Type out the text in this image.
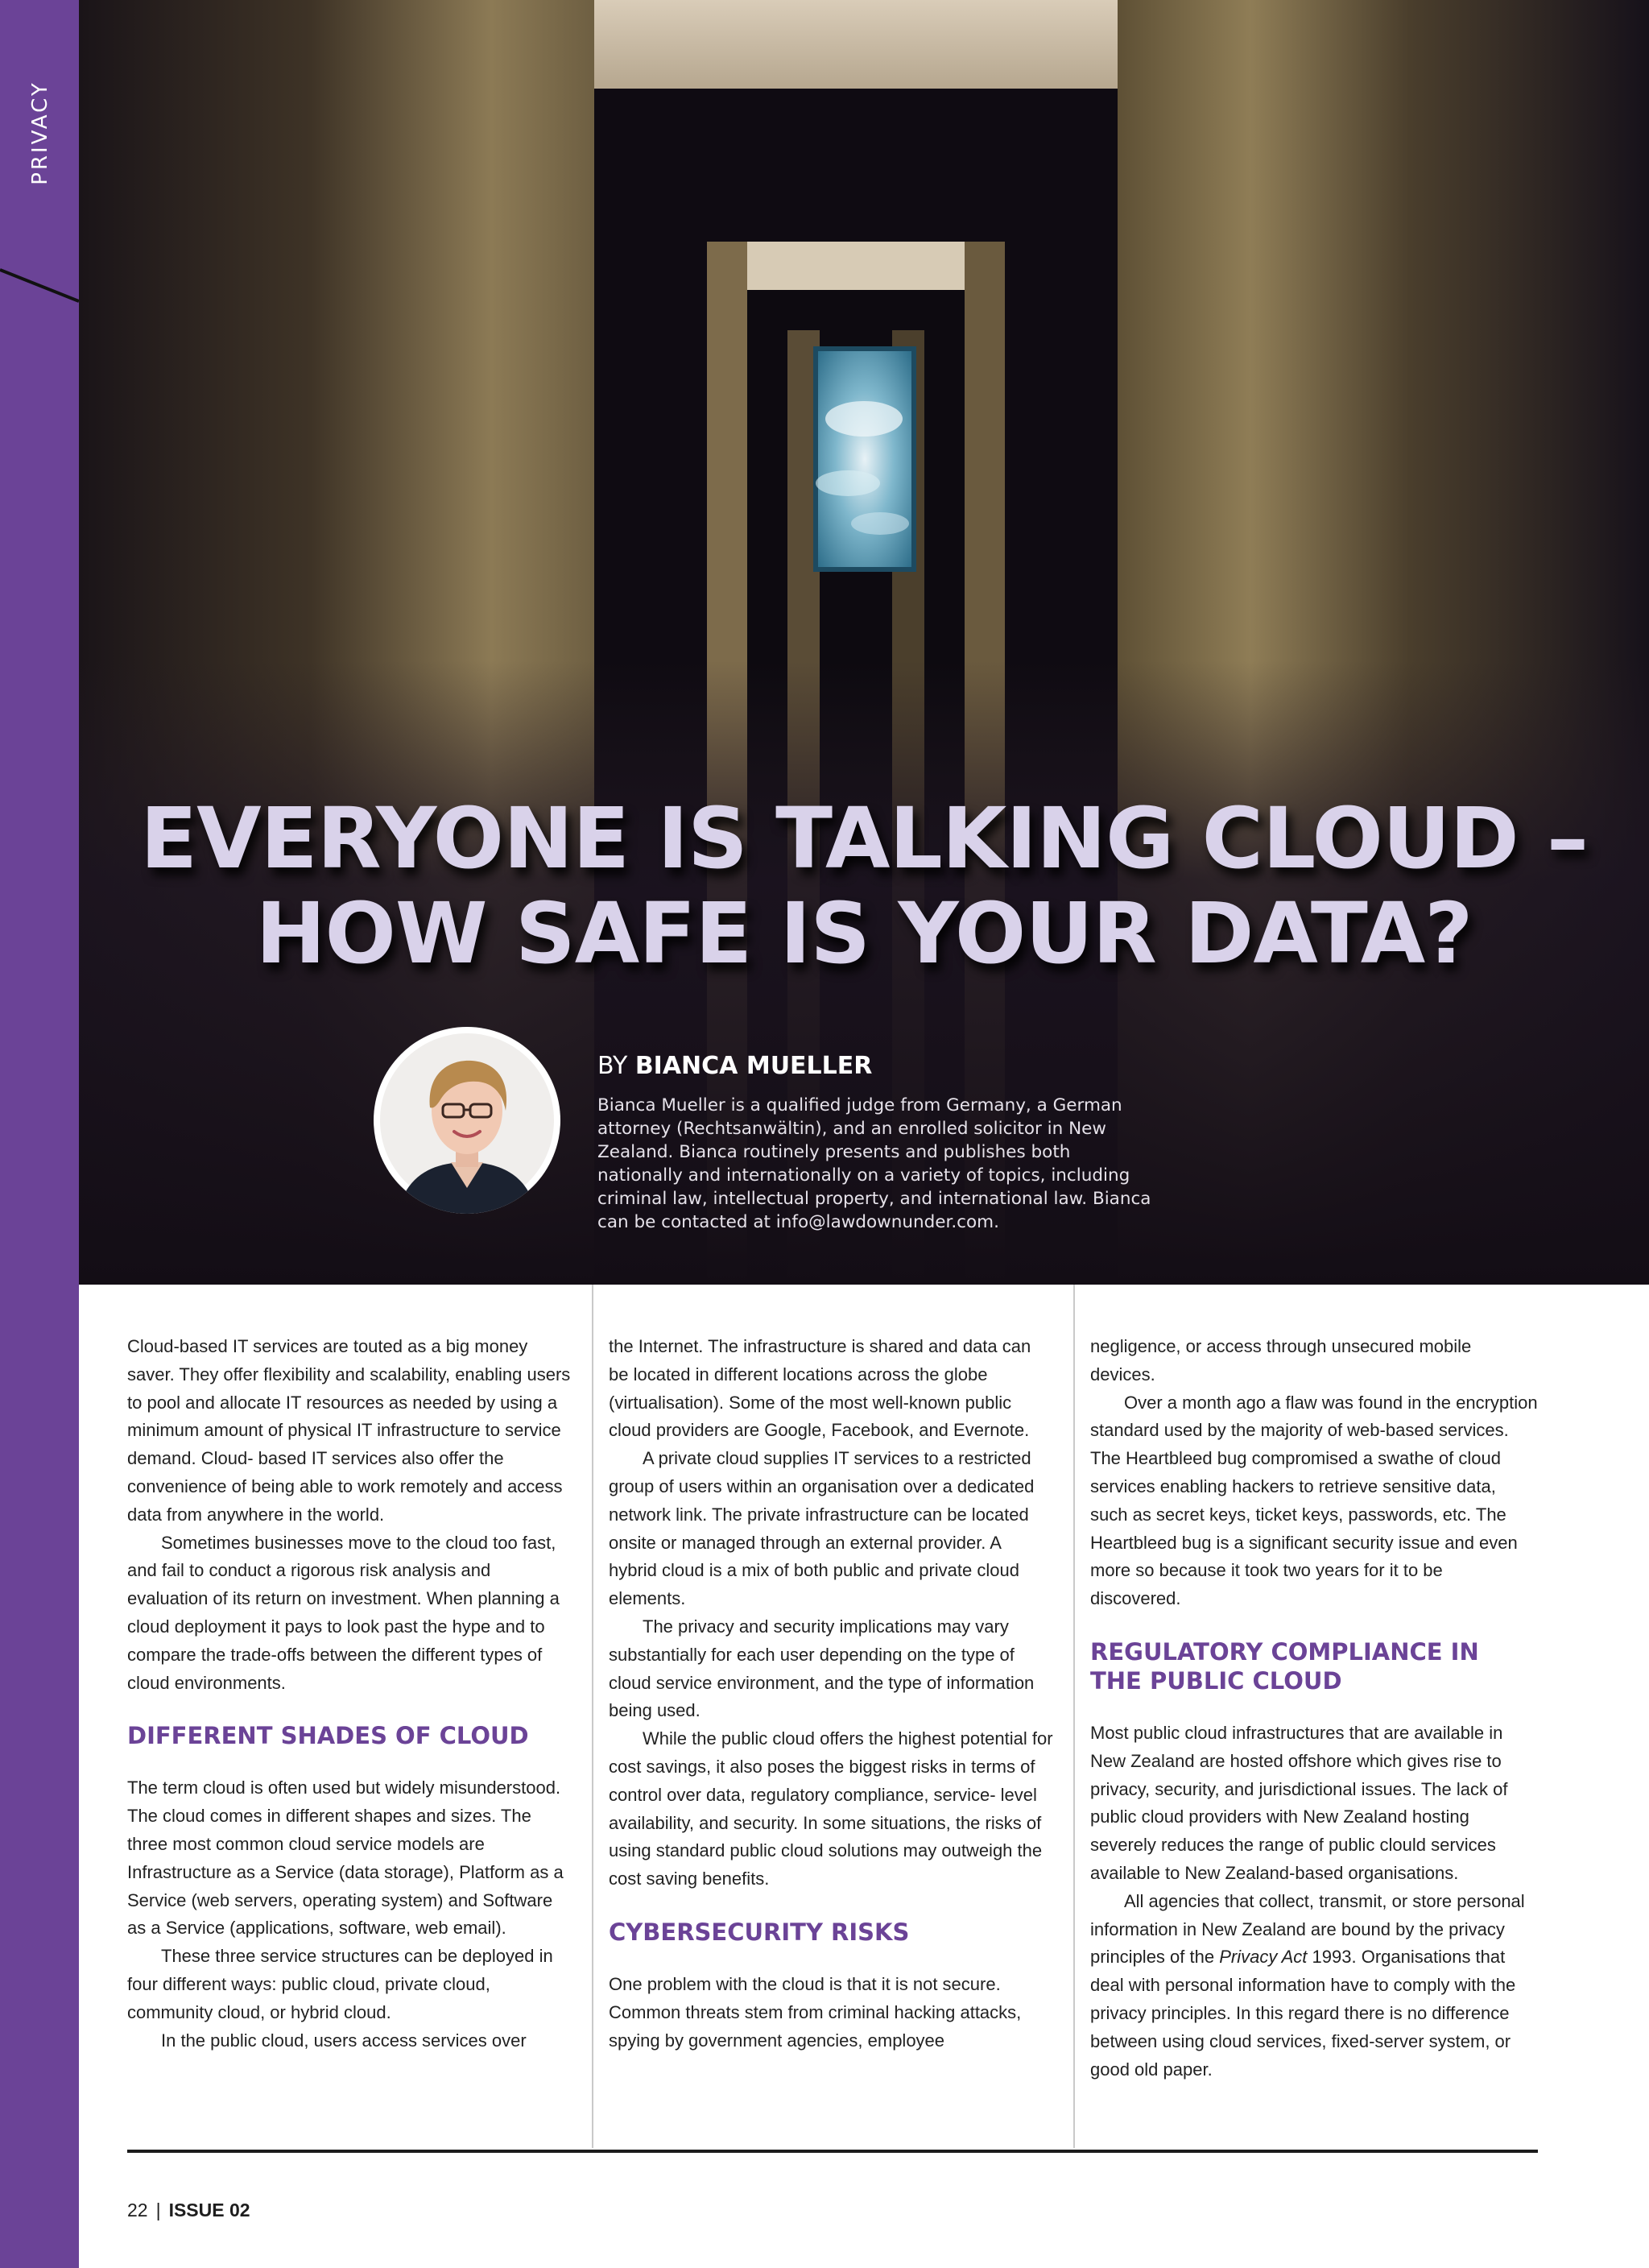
PRIVACY
EVERYONE IS TALKING CLOUD –
HOW SAFE IS YOUR DATA?
BY BIANCA MUELLER
Bianca Mueller is a qualified judge from Germany, a German attorney (Rechtsanwältin), and an enrolled solicitor in New Zealand. Bianca routinely presents and publishes both nationally and internationally on a variety of topics, including criminal law, intellectual property, and international law. Bianca can be contacted at info@lawdownunder.com.

Cloud-based IT services are touted as a big money saver. They offer flexibility and scalability, enabling users to pool and allocate IT resources as needed by using a minimum amount of physical IT infrastructure to service demand. Cloud- based IT services also offer the convenience of being able to work remotely and access data from anywhere in the world.

Sometimes businesses move to the cloud too fast, and fail to conduct a rigorous risk analysis and evaluation of its return on investment. When planning a cloud deployment it pays to look past the hype and to compare the trade-offs between the different types of cloud environments.

DIFFERENT SHADES OF CLOUD

The term cloud is often used but widely misunderstood. The cloud comes in different shapes and sizes. The three most common cloud service models are Infrastructure as a Service (data storage), Platform as a Service (web servers, operating system) and Software as a Service (applications, software, web email).

These three service structures can be deployed in four different ways: public cloud, private cloud, community cloud, or hybrid cloud.

In the public cloud, users access services over

the Internet. The infrastructure is shared and data can be located in different locations across the globe (virtualisation). Some of the most well-known public cloud providers are Google, Facebook, and Evernote.

A private cloud supplies IT services to a restricted group of users within an organisation over a dedicated network link. The private infrastructure can be located onsite or managed through an external provider. A hybrid cloud is a mix of both public and private cloud elements.

The privacy and security implications may vary substantially for each user depending on the type of cloud service environment, and the type of information being used.

While the public cloud offers the highest potential for cost savings, it also poses the biggest risks in terms of control over data, regulatory compliance, service- level availability, and security. In some situations, the risks of using standard public cloud solutions may outweigh the cost saving benefits.

CYBERSECURITY RISKS

One problem with the cloud is that it is not secure. Common threats stem from criminal hacking attacks, spying by government agencies, employee

negligence, or access through unsecured mobile devices.

Over a month ago a flaw was found in the encryption standard used by the majority of web-based services. The Heartbleed bug compromised a swathe of cloud services enabling hackers to retrieve sensitive data, such as secret keys, ticket keys, passwords, etc. The Heartbleed bug is a significant security issue and even more so because it took two years for it to be discovered.

REGULATORY COMPLIANCE IN
THE PUBLIC CLOUD

Most public cloud infrastructures that are available in New Zealand are hosted offshore which gives rise to privacy, security, and jurisdictional issues. The lack of public cloud providers with New Zealand hosting severely reduces the range of public clould services available to New Zealand-based organisations.

All agencies that collect, transmit, or store personal information in New Zealand are bound by the privacy principles of the Privacy Act 1993. Organisations that deal with personal information have to comply with the privacy principles. In this regard there is no difference between using cloud services, fixed-server system, or good old paper.

22 | ISSUE 02
